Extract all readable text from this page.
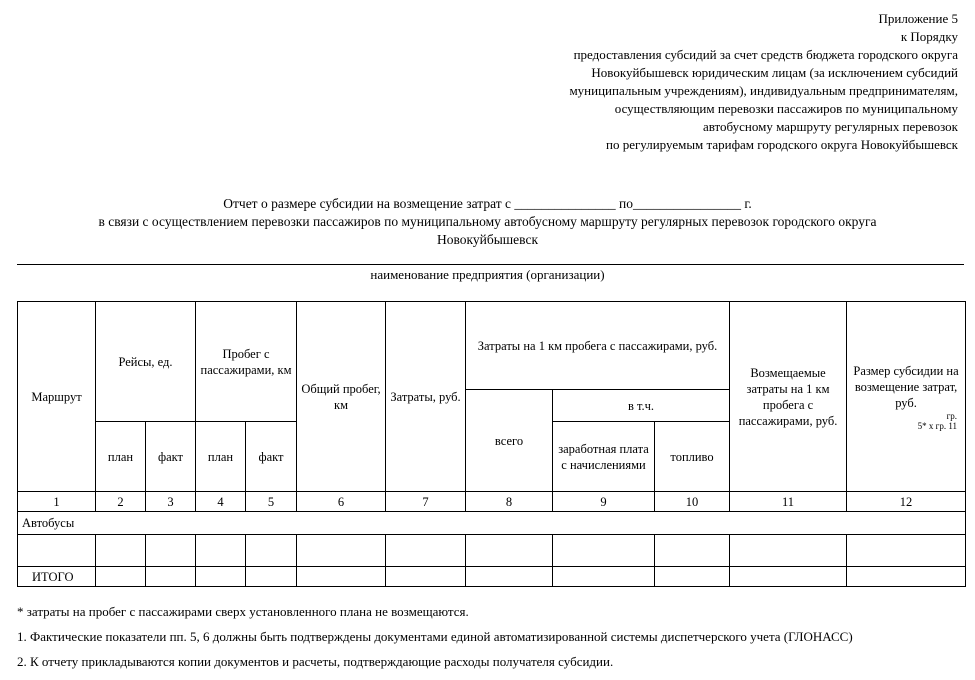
Приложение 5
к Порядку
предоставления субсидий за счет средств бюджета городского округа
Новокуйбышевск юридическим лицам (за исключением субсидий
муниципальным учреждениям), индивидуальным предпринимателям,
осуществляющим перевозки пассажиров по муниципальному
автобусному маршруту регулярных перевозок
по регулируемым тарифам городского округа Новокуйбышевск
Отчет о размере субсидии на возмещение затрат с _______________ по________________ г.
в связи с осуществлением перевозки пассажиров по муниципальному автобусному маршруту регулярных перевозок городского округа
Новокуйбышевск
наименование предприятия (организации)
Маршрут	Рейсы, ед.		Пробег с пассажирами, км		Общий пробег, км	Затраты, руб.	Затраты на 1 км пробега с пассажирами, руб.			Возмещаемые затраты на 1 км пробега с пассажирами, руб.	Размер субсидии на возмещение затрат, руб.
гр.
5* х гр. 11

							всего	в т.ч.			
	план	факт	план	факт				заработная плата с начислениями	топливо		
1	2	3	4	5	6	7	8	9	10	11	12
Автобусы											

ИТОГО											
* затраты на пробег с пассажирами сверх установленного плана не возмещаются.
1. Фактические показатели пп. 5, 6 должны быть подтверждены документами единой автоматизированной системы диспетчерского учета (ГЛОНАСС)
2. К отчету прикладываются копии документов и расчеты, подтверждающие расходы получателя субсидии.
